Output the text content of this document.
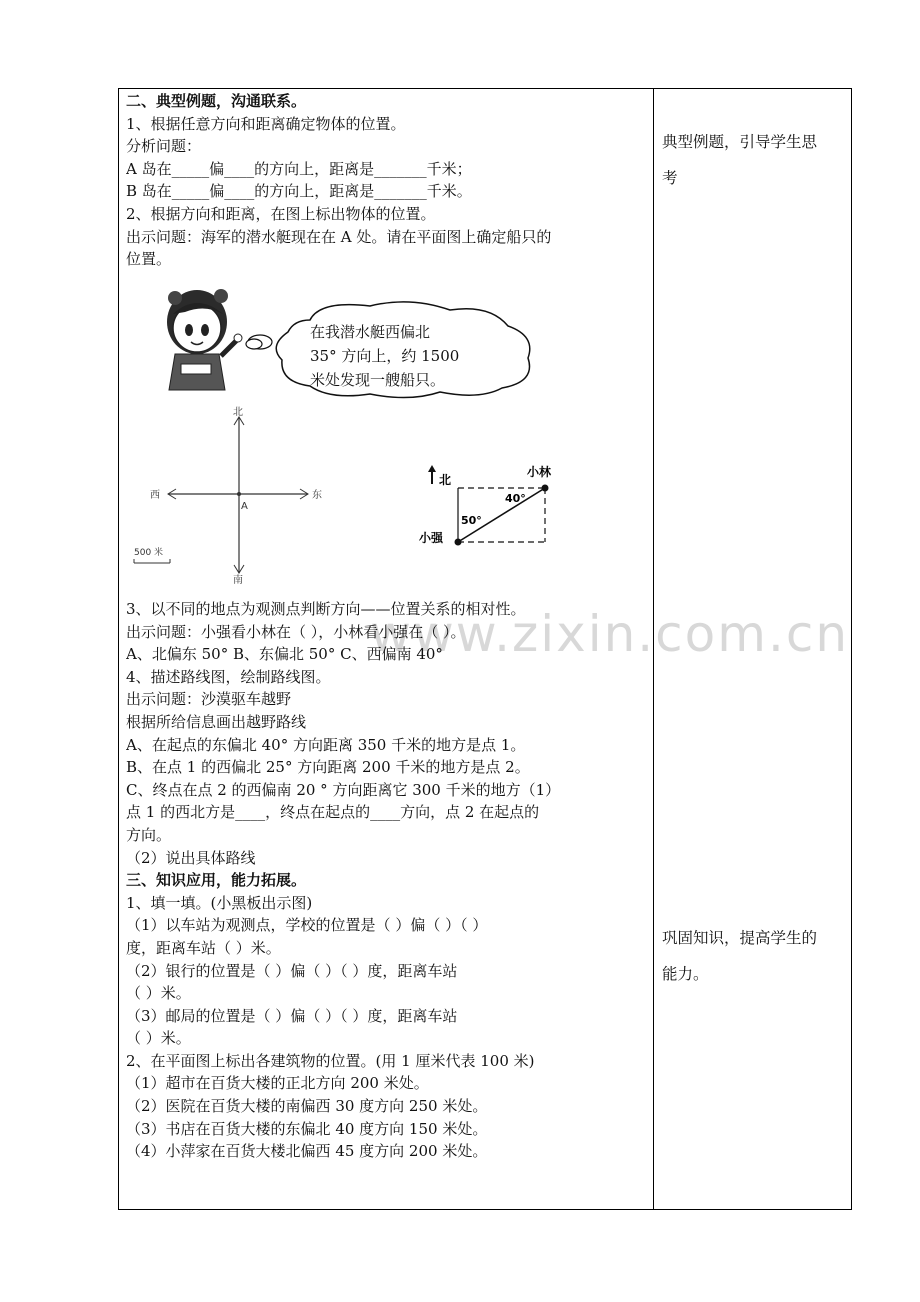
二、典型例题，沟通联系。
1、根据任意方向和距离确定物体的位置。
分析问题：
A 岛在_____偏____的方向上，距离是_______千米；
B 岛在_____偏____的方向上，距离是_______千米。
2、根据方向和距离，在图上标出物体的位置。
出示问题：海军的潜水艇现在在 A 处。请在平面图上确定船只的
位置。
在我潜水艇西偏北
35° 方向上，约 1500
米处发现一艘船只。
北
南
西	东
A
500 米
北
小林
小强
40°
50°
www.zixin.com.cn
3、以不同的地点为观测点判断方向——位置关系的相对性。
出示问题：小强看小林在（ ），小林看小强在（ ）。
A、北偏东 50° B、东偏北 50° C、西偏南 40°
4、描述路线图，绘制路线图。
出示问题：沙漠驱车越野
根据所给信息画出越野路线
A、在起点的东偏北 40° 方向距离 350 千米的地方是点 1。
B、在点 1 的西偏北 25° 方向距离 200 千米的地方是点 2。
C、终点在点 2 的西偏南 20 ° 方向距离它 300 千米的地方（1）
点 1 的西北方是____，终点在起点的____方向，点 2 在起点的
方向。
（2）说出具体路线
三、知识应用，能力拓展。
1、填一填。(小黑板出示图)
（1）以车站为观测点，学校的位置是（ ）偏（ ）（ ）
度，距离车站（ ）米。
（2）银行的位置是（ ）偏（ ）（ ）度，距离车站
（ ）米。
（3）邮局的位置是（ ）偏（ ）（ ）度，距离车站
（ ）米。
2、在平面图上标出各建筑物的位置。(用 1 厘米代表 100 米)
（1）超市在百货大楼的正北方向 200 米处。
（2）医院在百货大楼的南偏西 30 度方向 250 米处。
（3）书店在百货大楼的东偏北 40 度方向 150 米处。
（4）小萍家在百货大楼北偏西 45 度方向 200 米处。
典型例题，引导学生思
考
巩固知识，提高学生的
能力。
